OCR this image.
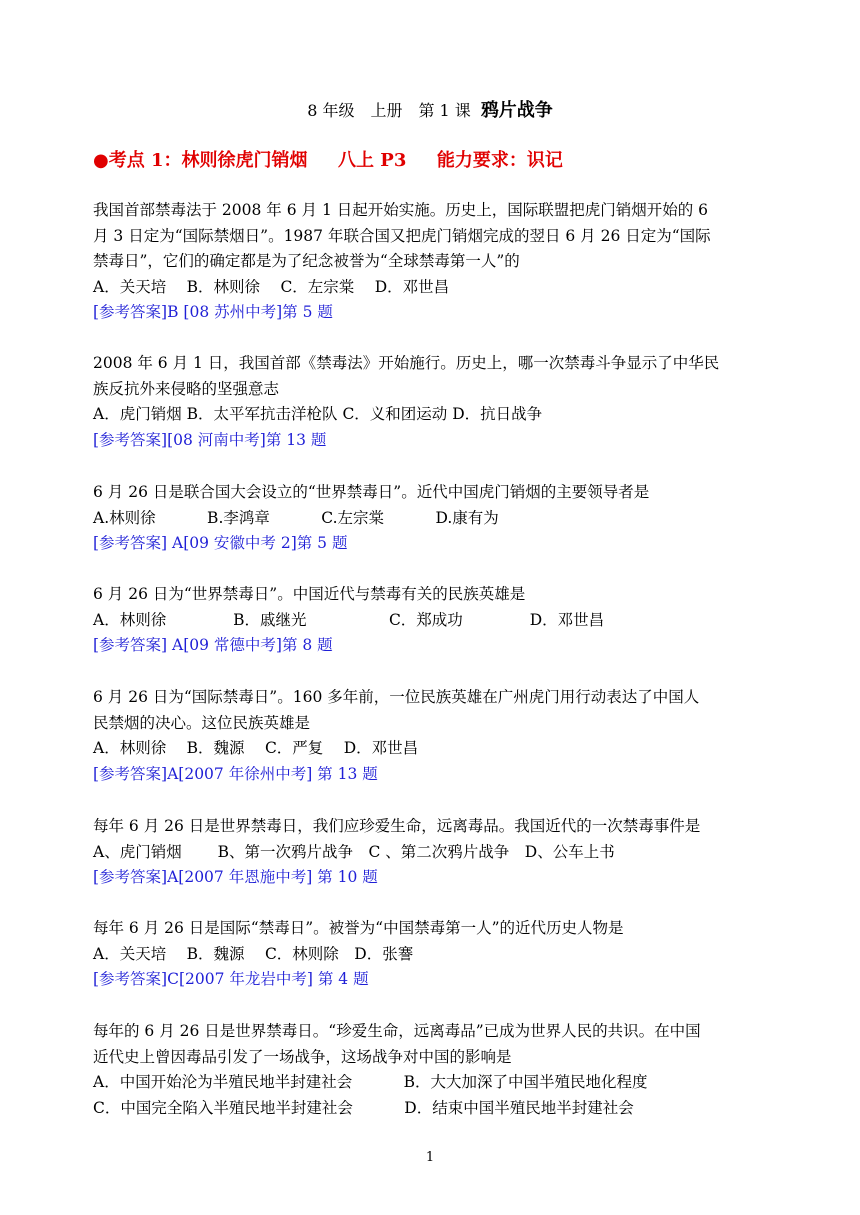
8 年级　上册　第 1 课 鸦片战争
●考点 1：林则徐虎门销烟　  八上 P3　  能力要求：识记

我国首部禁毒法于 2008 年 6 月 1 日起开始实施。历史上，国际联盟把虎门销烟开始的 6

月 3 日定为“国际禁烟日”。1987 年联合国又把虎门销烟完成的翌日 6 月 26 日定为“国际

禁毒日”，它们的确定都是为了纪念被誉为“全球禁毒第一人”的

A．关天培　 B．林则徐　 C．左宗棠　 D．邓世昌

[参考答案]B [08 苏州中考]第 5 题

2008 年 6 月 1 日，我国首部《禁毒法》开始施行。历史上，哪一次禁毒斗争显示了中华民

族反抗外来侵略的坚强意志

A．虎门销烟 B．太平军抗击洋枪队 C．义和团运动 D．抗日战争

[参考答案][08 河南中考]第 13 题

6 月 26 日是联合国大会设立的“世界禁毒日”。近代中国虎门销烟的主要领导者是

A.林则徐　　　 B.李鸿章　　　 C.左宗棠　　　 D.康有为

[参考答案] A[09 安徽中考 2]第 5 题

6 月 26 日为“世界禁毒日”。中国近代与禁毒有关的民族英雄是

A．林则徐　　　　 B．戚继光　　　　　 C．郑成功　　　　 D．邓世昌

[参考答案] A[09 常德中考]第 8 题

6 月 26 日为“国际禁毒日”。160 多年前，一位民族英雄在广州虎门用行动表达了中国人

民禁烟的决心。这位民族英雄是

A．林则徐　 B．魏源　 C．严复　 D．邓世昌

[参考答案]A[2007 年徐州中考] 第 13 题

每年 6 月 26 日是世界禁毒日，我们应珍爱生命，远离毒品。我国近代的一次禁毒事件是

A、虎门销烟　　 B、第一次鸦片战争　C 、第二次鸦片战争　D、公车上书

[参考答案]A[2007 年恩施中考] 第 10 题

每年 6 月 26 日是国际“禁毒日”。被誉为“中国禁毒第一人”的近代历史人物是

A．关天培　 B．魏源　 C．林则除　D．张謇

[参考答案]C[2007 年龙岩中考] 第 4 题

每年的 6 月 26 日是世界禁毒日。“珍爱生命，远离毒品”已成为世界人民的共识。在中国

近代史上曾因毒品引发了一场战争，这场战争对中国的影响是

A．中国开始沦为半殖民地半封建社会　　　 B．大大加深了中国半殖民地化程度

C．中国完全陷入半殖民地半封建社会　　　 D．结束中国半殖民地半封建社会

1
